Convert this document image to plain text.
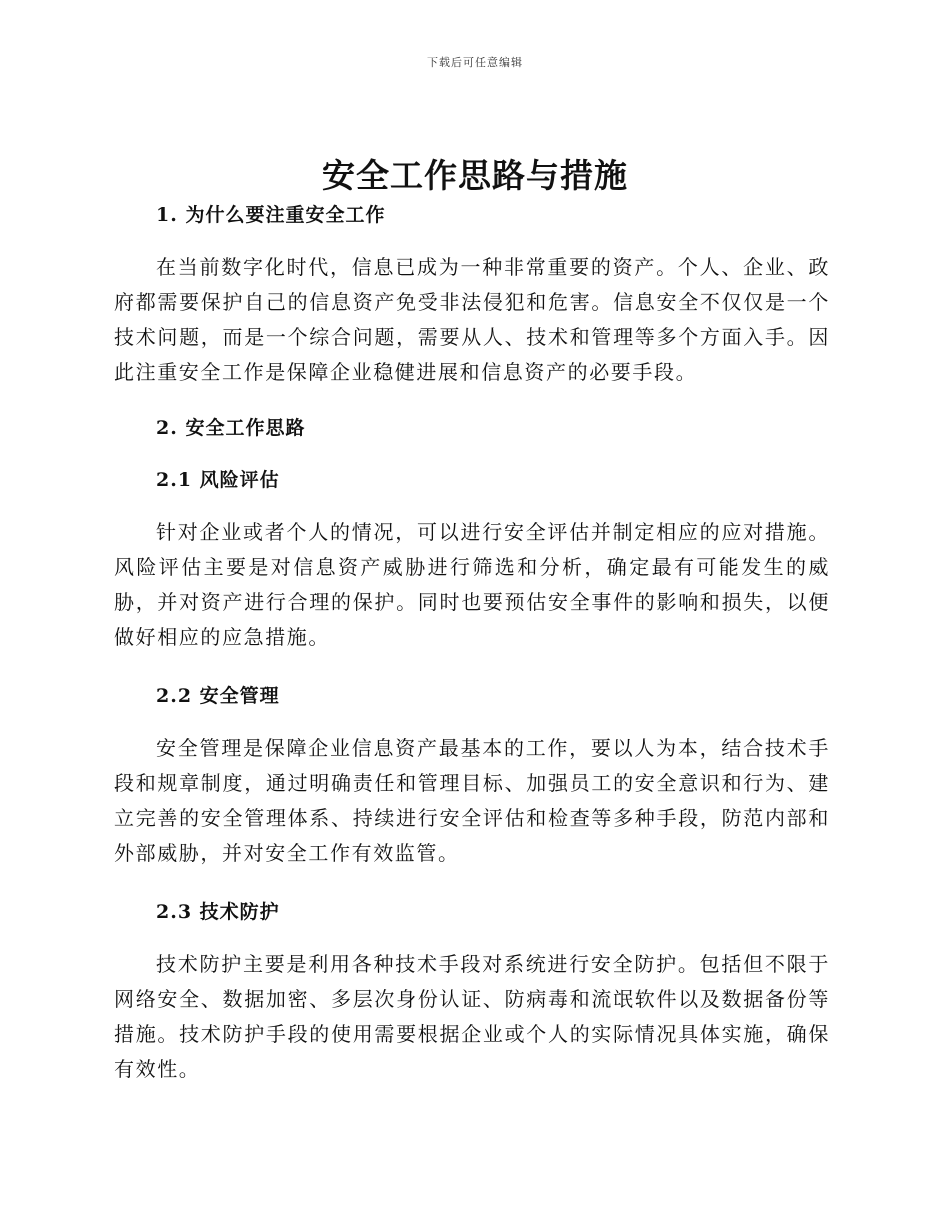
下载后可任意编辑
安全工作思路与措施
1. 为什么要注重安全工作

在当前数字化时代，信息已成为一种非常重要的资产。个人、企业、政府都需要保护自己的信息资产免受非法侵犯和危害。信息安全不仅仅是一个技术问题，而是一个综合问题，需要从人、技术和管理等多个方面入手。因此注重安全工作是保障企业稳健进展和信息资产的必要手段。

2. 安全工作思路
2.1 风险评估

针对企业或者个人的情况，可以进行安全评估并制定相应的应对措施。风险评估主要是对信息资产威胁进行筛选和分析，确定最有可能发生的威胁，并对资产进行合理的保护。同时也要预估安全事件的影响和损失，以便做好相应的应急措施。

2.2 安全管理

安全管理是保障企业信息资产最基本的工作，要以人为本，结合技术手段和规章制度，通过明确责任和管理目标、加强员工的安全意识和行为、建立完善的安全管理体系、持续进行安全评估和检查等多种手段，防范内部和外部威胁，并对安全工作有效监管。

2.3 技术防护

技术防护主要是利用各种技术手段对系统进行安全防护。包括但不限于网络安全、数据加密、多层次身份认证、防病毒和流氓软件以及数据备份等措施。技术防护手段的使用需要根据企业或个人的实际情况具体实施，确保有效性。
